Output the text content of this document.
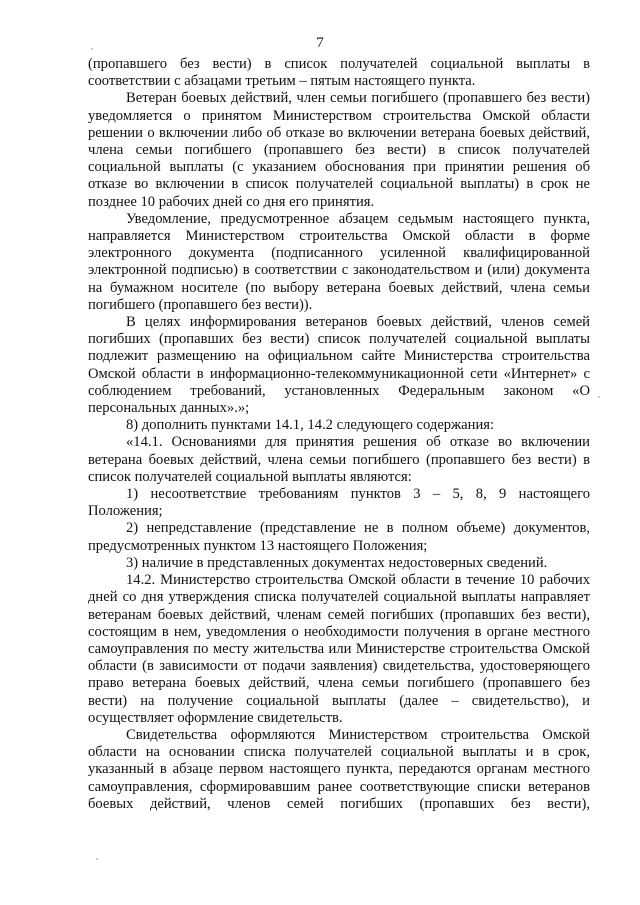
7

(пропавшего без вести) в список получателей социальной выплаты в соответствии с абзацами третьим – пятым настоящего пункта.

Ветеран боевых действий, член семьи погибшего (пропавшего без вести) уведомляется о принятом Министерством строительства Омской области решении о включении либо об отказе во включении ветерана боевых действий, члена семьи погибшего (пропавшего без вести) в список получателей социальной выплаты (с указанием обоснования при принятии решения об отказе во включении в список получателей социальной выплаты) в срок не позднее 10 рабочих дней со дня его принятия.

Уведомление, предусмотренное абзацем седьмым настоящего пункта, направляется Министерством строительства Омской области в форме электронного документа (подписанного усиленной квалифицированной электронной подписью) в соответствии с законодательством и (или) документа на бумажном носителе (по выбору ветерана боевых действий, члена семьи погибшего (пропавшего без вести)).

В целях информирования ветеранов боевых действий, членов семей погибших (пропавших без вести) список получателей социальной выплаты подлежит размещению на официальном сайте Министерства строительства Омской области в информационно-телекоммуникационной сети «Интернет» с соблюдением требований, установленных Федеральным законом «О персональных данных».»;

8) дополнить пунктами 14.1, 14.2 следующего содержания:

«14.1. Основаниями для принятия решения об отказе во включении ветерана боевых действий, члена семьи погибшего (пропавшего без вести) в список получателей социальной выплаты являются:

1) несоответствие требованиям пунктов 3 – 5, 8, 9 настоящего Положения;

2) непредставление (представление не в полном объеме) документов, предусмотренных пунктом 13 настоящего Положения;

3) наличие в представленных документах недостоверных сведений.

14.2. Министерство строительства Омской области в течение 10 рабочих дней со дня утверждения списка получателей социальной выплаты направляет ветеранам боевых действий, членам семей погибших (пропавших без вести), состоящим в нем, уведомления о необходимости получения в органе местного самоуправления по месту жительства или Министерстве строительства Омской области (в зависимости от подачи заявления) свидетельства, удостоверяющего право ветерана боевых действий, члена семьи погибшего (пропавшего без вести) на получение социальной выплаты (далее – свидетельство), и осуществляет оформление свидетельств.

Свидетельства оформляются Министерством строительства Омской области на основании списка получателей социальной выплаты и в срок, указанный в абзаце первом настоящего пункта, передаются органам местного самоуправления, сформировавшим ранее соответствующие списки ветеранов боевых действий, членов семей погибших (пропавших без вести),
